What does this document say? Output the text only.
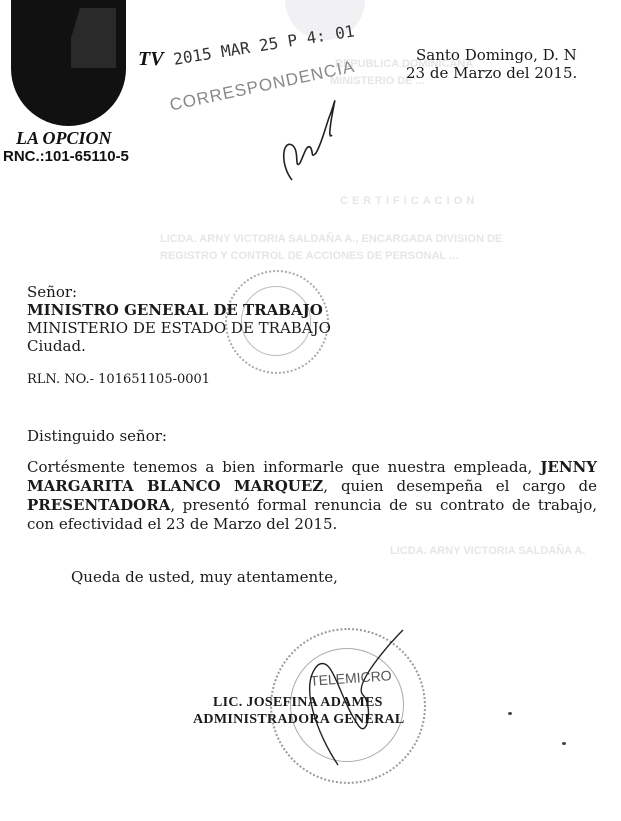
REPUBLICA DOMINICANA
MINISTERIO DE ...
CERTIFICACION
LICDA. ARNY VICTORIA SALDAÑA A., ENCARGADA DIVISION DE
REGISTRO Y CONTROL DE ACCIONES DE PERSONAL ...
LICDA. ARNY VICTORIA SALDAÑA A.
TV
LA OPCION
RNC.:101-65110-5
2015 MAR 25 P 4: 01
CORRESPONDENCIA
Santo Domingo, D. N
23 de Marzo del 2015.
Señor:
MINISTRO GENERAL DE TRABAJO
MINISTERIO DE ESTADO DE TRABAJO
Ciudad.
RLN. NO.- 101651105-0001
Distinguido señor:
Cortésmente tenemos a bien informarle que nuestra empleada, JENNY MARGARITA BLANCO MARQUEZ, quien desempeña el cargo de PRESENTADORA, presentó formal renuncia de su contrato de trabajo, con efectividad el 23 de Marzo del 2015.
Queda de usted, muy atentamente,
TELEMICRO
LIC. JOSEFINA ADAMES
ADMINISTRADORA GENERAL
